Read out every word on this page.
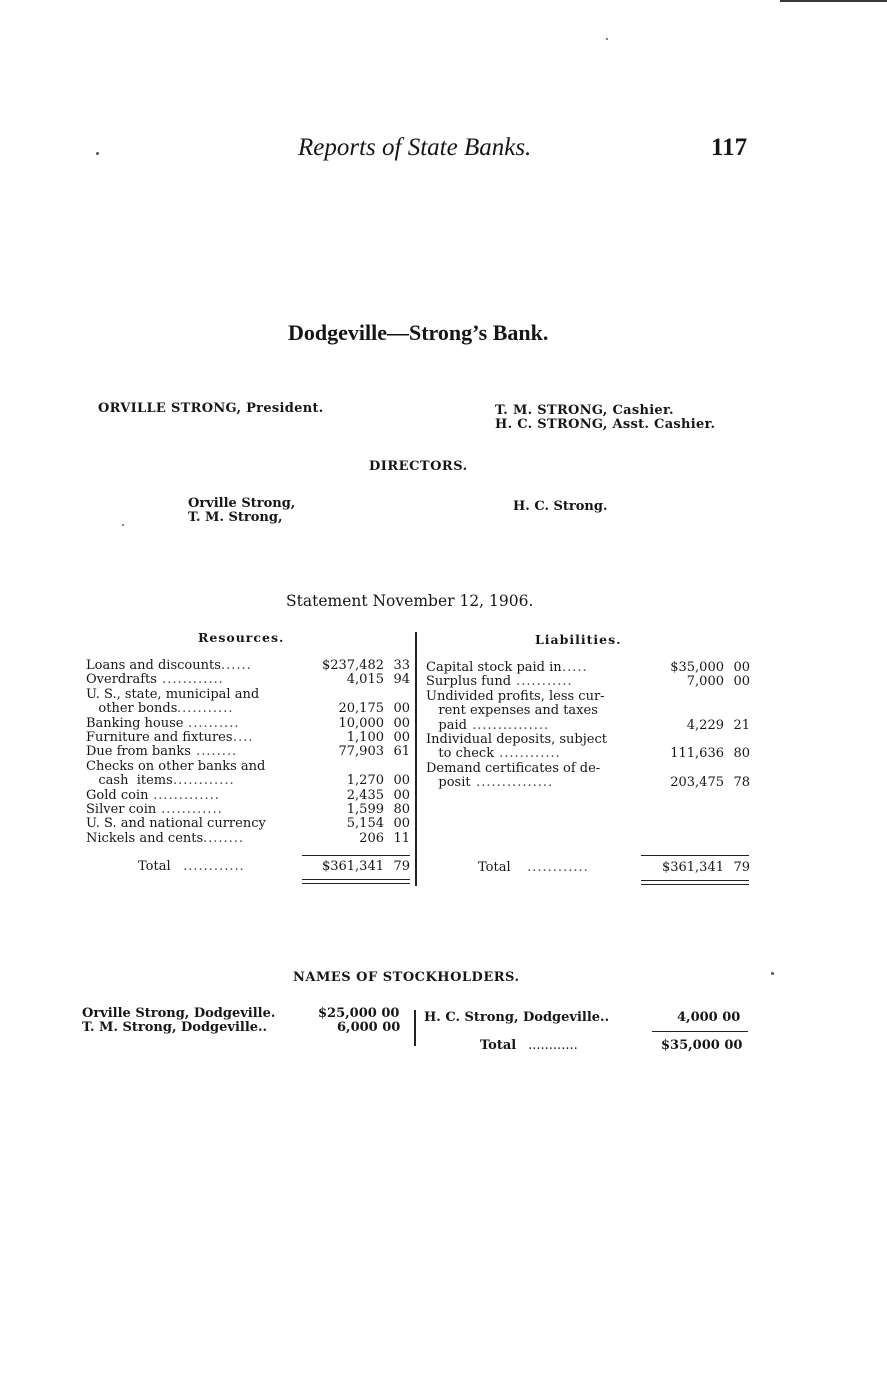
Reports of State Banks.	117
Dodgeville—Strong’s Bank.
ORVILLE STRONG, President.	T. M. STRONG, Cashier.
H. C. STRONG, Asst. Cashier.
DIRECTORS.
Orville Strong,
T. M. Strong,
H. C. Strong.
Statement November 12, 1906.
Resources.	Liabilities.
Loans and discounts ......	$237,482 33
Overdrafts ............	4,015 94
U. S., state, municipal and
other bonds ...........	20,175 00
Banking house ..........	10,000 00
Furniture and fixtures ....	1,100 00
Due from banks ........	77,903 61
Checks on other banks and
cash  items ............	1,270 00
Gold coin .............	2,435 00
Silver coin ............	1,599 80
U. S. and national currency	5,154 00
Nickels and cents ........	206 11
Capital stock paid in .....	$35,000 00
Surplus fund ...........	7,000 00
Undivided profits, less cur-
rent expenses and taxes
paid ...............	4,229 21
Individual deposits, subject
to check ............	111,636 80
Demand certificates of de-
posit ...............	203,475 78
Total ............	$361,341 79	Total ............	$361,341 79
NAMES OF STOCKHOLDERS.
Orville Strong, Dodgeville.	$25,000 00
T. M. Strong, Dodgeville..	6,000 00
H. C. Strong, Dodgeville..	4,000 00
Total ............	$35,000 00
